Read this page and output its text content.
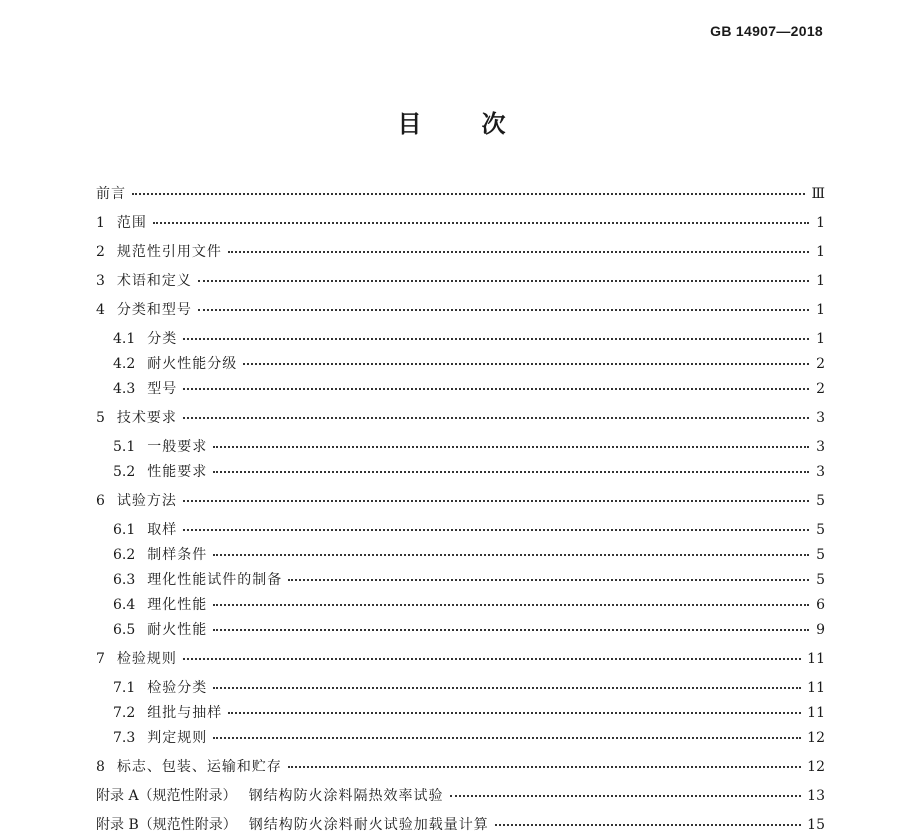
GB 14907—2018
目	次
前言	Ⅲ
1 范围	1
2 规范性引用文件	1
3 术语和定义	1
4 分类和型号	1
4.1 分类	1
4.2 耐火性能分级	2
4.3 型号	2
5 技术要求	3
5.1 一般要求	3
5.2 性能要求	3
6 试验方法	5
6.1 取样	5
6.2 制样条件	5
6.3 理化性能试件的制备	5
6.4 理化性能	6
6.5 耐火性能	9
7 检验规则	11
7.1 检验分类	11
7.2 组批与抽样	11
7.3 判定规则	12
8 标志、包装、运输和贮存	12
附录 A（规范性附录） 钢结构防火涂料隔热效率试验	13
附录 B（规范性附录） 钢结构防火涂料耐火试验加载量计算	15
